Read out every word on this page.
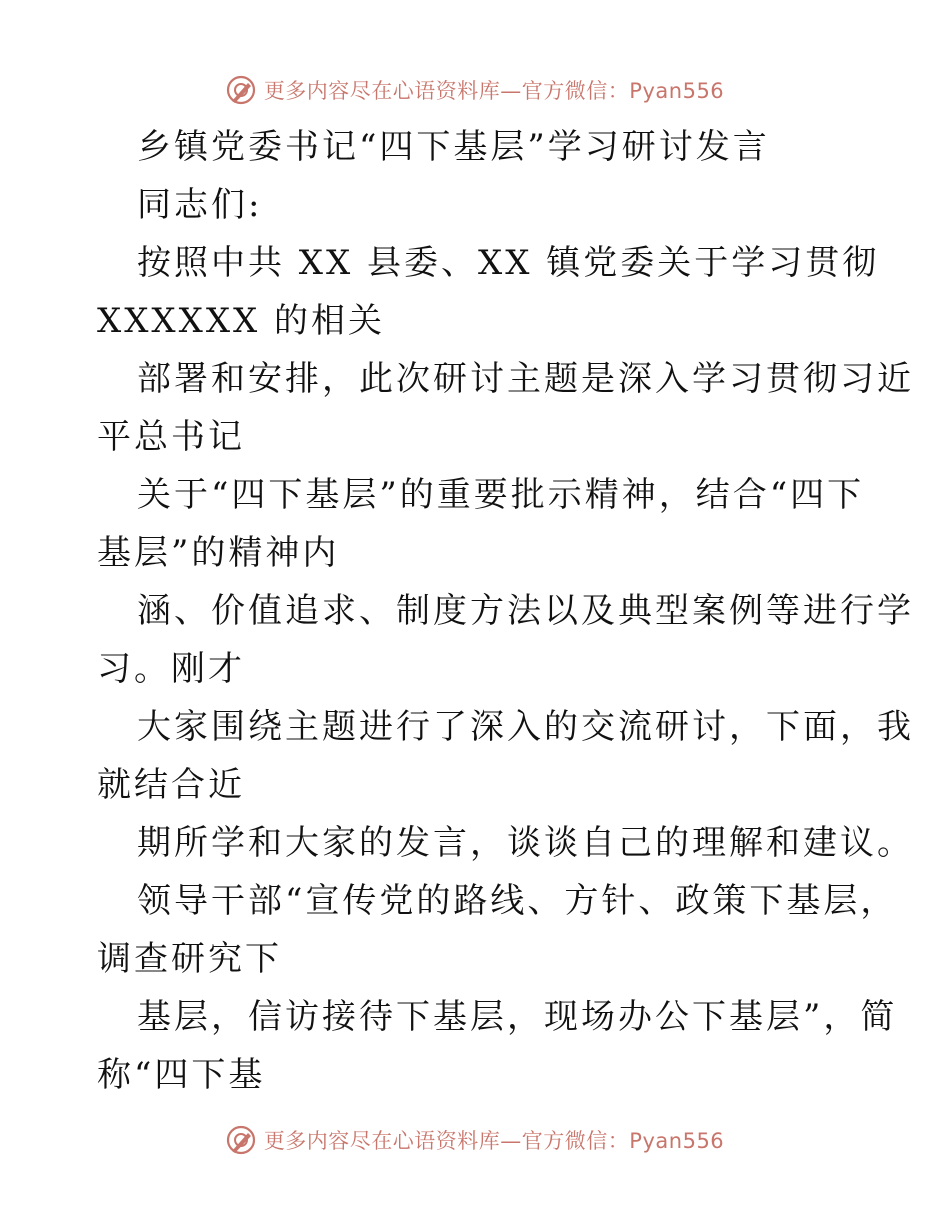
更多内容尽在心语资料库—官方微信：Pyan556
乡镇党委书记“四下基层”学习研讨发言
同志们:
按照中共 XX 县委、XX 镇党委关于学习贯彻
XXXXXX 的相关
部署和安排，此次研讨主题是深入学习贯彻习近
平总书记
关于“四下基层”的重要批示精神，结合“四下
基层”的精神内
涵、价值追求、制度方法以及典型案例等进行学
习。刚才
大家围绕主题进行了深入的交流研讨，下面，我
就结合近
期所学和大家的发言，谈谈自己的理解和建议。
领导干部“宣传党的路线、方针、政策下基层，
调查研究下
基层，信访接待下基层，现场办公下基层”，简
称“四下基
更多内容尽在心语资料库—官方微信：Pyan556
